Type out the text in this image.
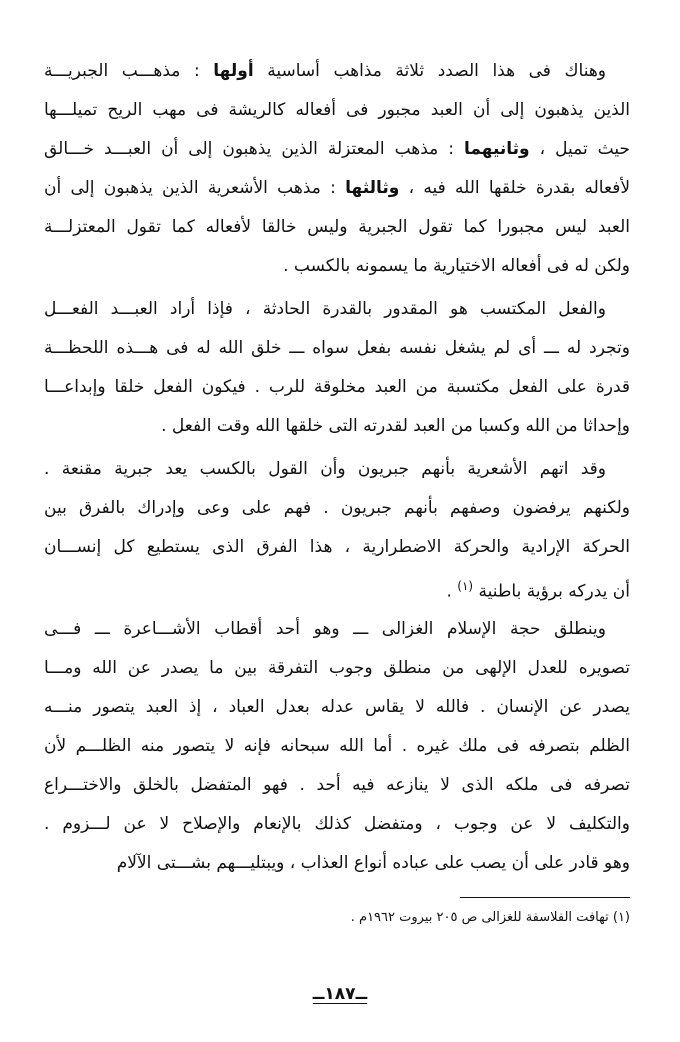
وهناك فى هذا الصدد ثلاثة مذاهب أساسية أولها : مذهـــب الجبريـــة
الذين يذهبون إلى أن العبد مجبور فى أفعاله كالريشة فى مهب الريح تميلـــها
حيث تميل ، وثانيهما : مذهب المعتزلة الذين يذهبون إلى أن العبـــد خـــالق
لأفعاله بقدرة خلقها الله فيه ، وثالثها : مذهب الأشعرية الذين يذهبون إلى أن
العبد ليس مجبورا كما تقول الجبرية وليس خالقا لأفعاله كما تقول المعتزلـــة
ولكن له فى أفعاله الاختيارية ما يسمونه بالكسب .
والفعل المكتسب هو المقدور بالقدرة الحادثة ، فإذا أراد العبـــد الفعـــل
وتجرد له ـــ أى لم يشغل نفسه بفعل سواه ـــ خلق الله له فى هـــذه اللحظـــة
قدرة على الفعل مكتسبة من العبد مخلوقة للرب . فيكون الفعل خلقا وإبداعـــا
وإحداثا من الله وكسبا من العبد لقدرته التى خلقها الله وقت الفعل .
وقد اتهم الأشعرية بأنهم جبريون وأن القول بالكسب يعد جبرية مقنعة .
ولكنهم يرفضون وصفهم بأنهم جبريون . فهم على وعى وإدراك بالفرق بين
الحركة الإرادية والحركة الاضطرارية ، هذا الفرق الذى يستطيع كل إنســـان
أن يدركه برؤية باطنية $^{(١)}$ .
وينطلق حجة الإسلام الغزالى ـــ وهو أحد أقطاب الأشـــاعرة ـــ فـــى
تصويره للعدل الإلهى من منطلق وجوب التفرقة بين ما يصدر عن الله ومـــا
يصدر عن الإنسان . فالله لا يقاس عدله بعدل العباد ، إذ العبد يتصور منـــه
الظلم بتصرفه فى ملك غيره . أما الله سبحانه فإنه لا يتصور منه الظلـــم لأن
تصرفه فى ملكه الذى لا ينازعه فيه أحد . فهو المتفضل بالخلق والاختـــراع
والتكليف لا عن وجوب ، ومتفضل كذلك بالإنعام والإصلاح لا عن لـــزوم .
وهو قادر على أن يصب على عباده أنواع العذاب ، ويبتليـــهم بشـــتى الآلام
(١) تهافت الفلاسفة للغزالى ص ٢٠٥ بيروت ١٩٦٢م .
ــ١٨٧ــ
